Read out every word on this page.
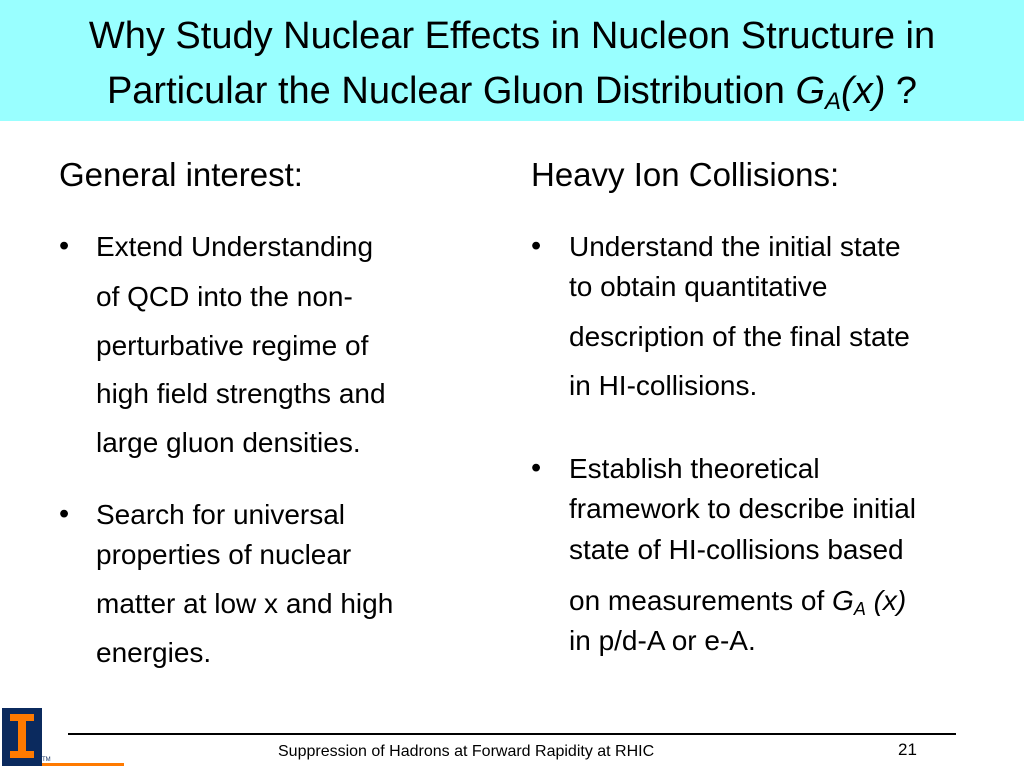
Why Study Nuclear Effects in Nucleon Structure in
Particular the Nuclear Gluon Distribution $G_A(x)$ ?
General interest:
• Extend Understanding
of QCD into the non-
perturbative regime of
high field strengths and
large gluon densities.
• Search for universal
properties of nuclear
matter at low x and high
energies.
Heavy Ion Collisions:
• Understand the initial state
to obtain quantitative
description of the final state
in HI-collisions.
• Establish theoretical
framework to describe initial
state of HI-collisions based
on measurements of $G_A$ (x)
in p/d-A or e-A.
TM	Suppression of Hadrons at Forward Rapidity at RHIC	21
